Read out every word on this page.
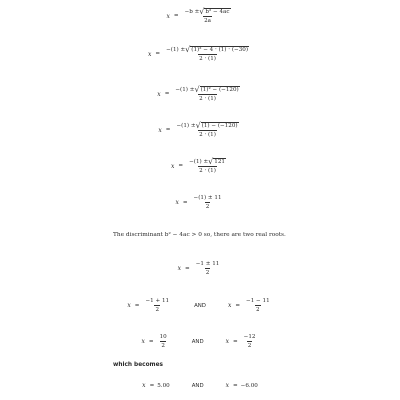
$x = \frac{\text{−b ± √ b² − 4ac}}{2a}$
$x = \frac{\text{−(1) ± √ (1)² − 4 · (1) · (−30)}}{2 \cdot (1)}$
$x = \frac{\text{−(1) ± √ (1)² − (−120)}}{2 \cdot (1)}$
$x = \frac{-(1) \pm √ (1) - (-120)}{2 \cdot (1)}$
$x = \frac{-(1) \pm √ 121}{2 \cdot (1)}$
$x = \frac{-(1) \pm 11}{2}$
The discriminant b² − 4ac > 0 so, there are two real roots.
$x = \frac{-1 \pm 11}{2}$
$x = \frac{-1 + 11}{2}$	AND	$x = \frac{-1 - 11}{2}$
$x = \frac{10}{2}$	AND	$x = \frac{-12}{2}$
which becomes
x = 5.00	AND	x = −6.00
